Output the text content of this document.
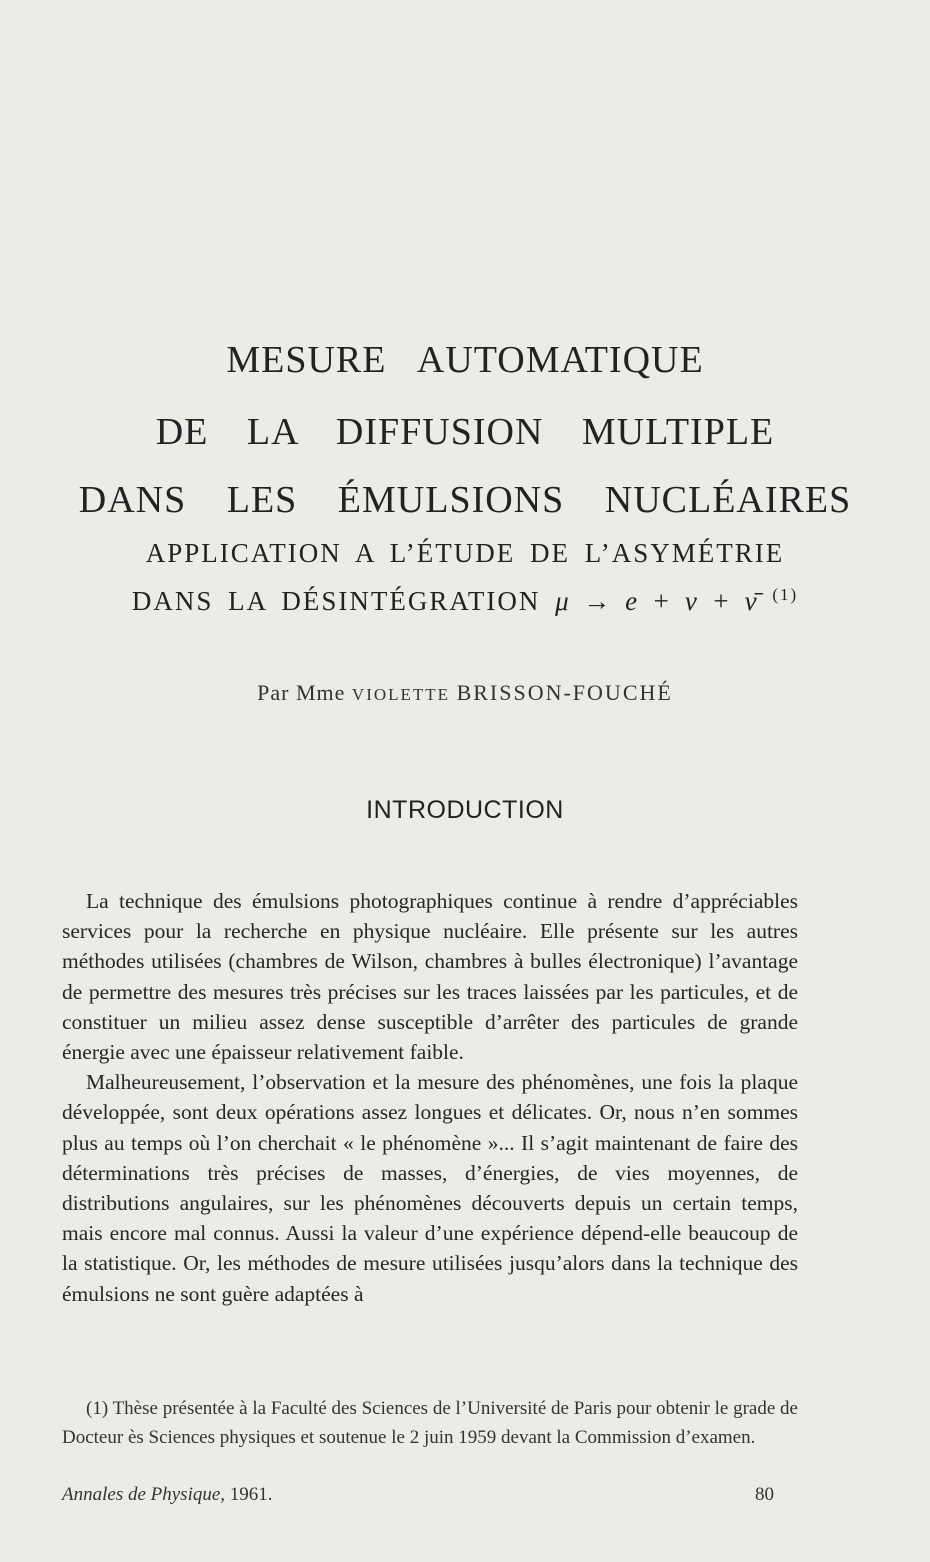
MESURE AUTOMATIQUE
DE LA DIFFUSION MULTIPLE
DANS LES ÉMULSIONS NUCLÉAIRES
APPLICATION A L’ÉTUDE DE L’ASYMÉTRIE
DANS LA DÉSINTÉGRATION μ → e + ν + ν̄ $^{(1)}$
Par Mme VIOLETTE BRISSON-FOUCHÉ
INTRODUCTION

La technique des émulsions photographiques continue à rendre d’appréciables services pour la recherche en physique nucléaire. Elle présente sur les autres méthodes utilisées (chambres de Wilson, chambres à bulles électronique) l’avantage de permettre des mesures très précises sur les traces laissées par les particules, et de constituer un milieu assez dense susceptible d’arrêter des particules de grande énergie avec une épaisseur relativement faible.

Malheureusement, l’observation et la mesure des phénomènes, une fois la plaque développée, sont deux opérations assez longues et délicates. Or, nous n’en sommes plus au temps où l’on cherchait « le phénomène »... Il s’agit maintenant de faire des déterminations très précises de masses, d’énergies, de vies moyennes, de distributions angulaires, sur les phénomènes découverts depuis un certain temps, mais encore mal connus. Aussi la valeur d’une expérience dépend-elle beaucoup de la statistique. Or, les méthodes de mesure utilisées jusqu’alors dans la technique des émulsions ne sont guère adaptées à

(1) Thèse présentée à la Faculté des Sciences de l’Université de Paris pour obtenir le grade de Docteur ès Sciences physiques et soutenue le 2 juin 1959 devant la Commission d’examen.

Annales de Physique, 1961.	80
